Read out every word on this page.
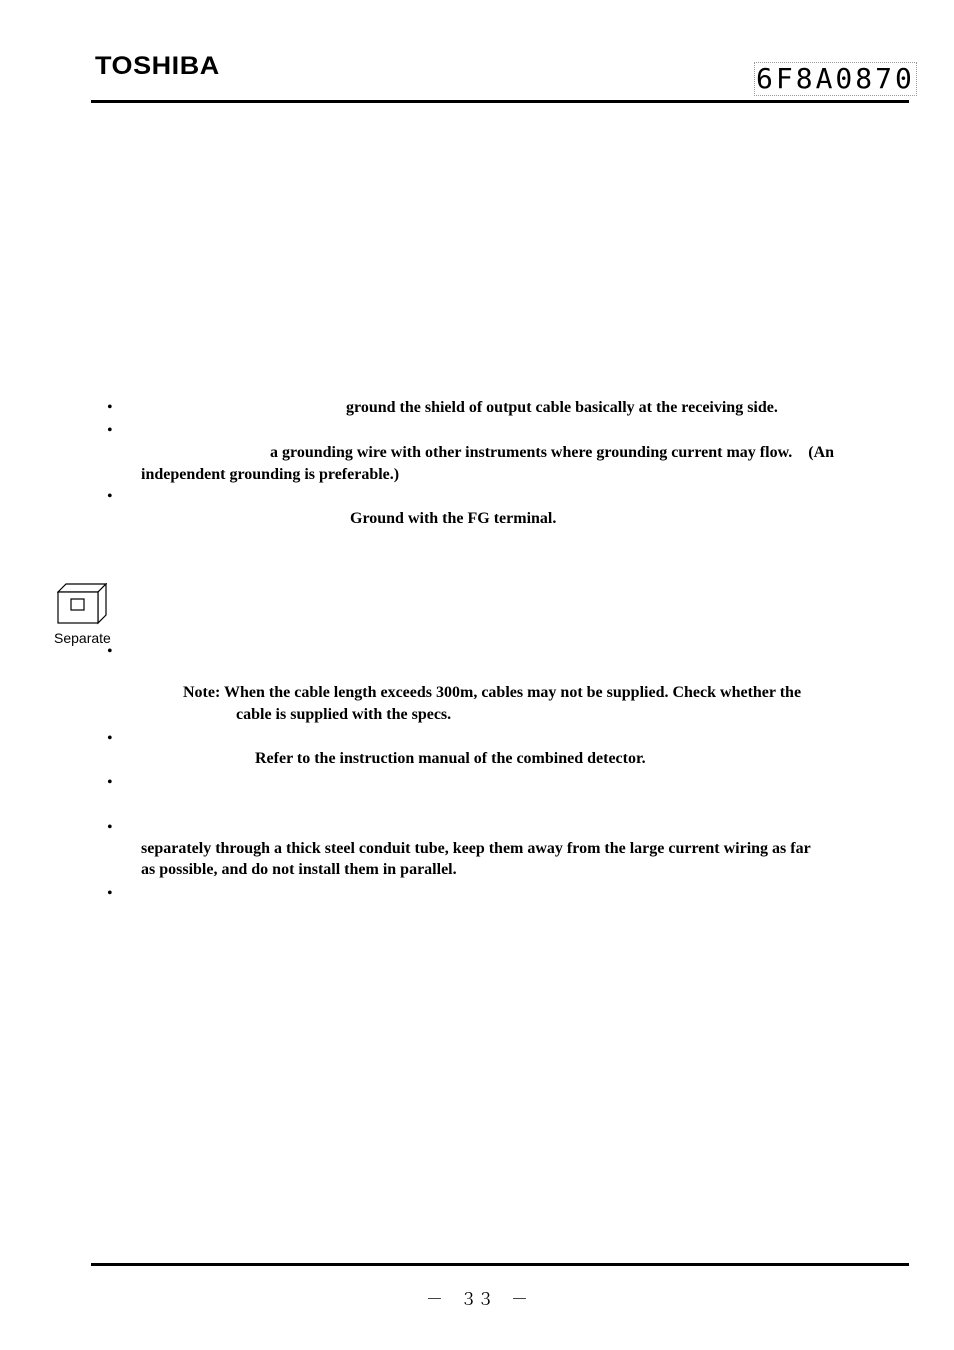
TOSHIBA	6F8A0870
•	ground the shield of output cable basically at the receiving side.
•
a grounding wire with other instruments where grounding current may flow. (An
independent grounding is preferable.)
•
Ground with the FG terminal.
Separate
•
Note: When the cable length exceeds 300m, cables may not be supplied. Check whether the
cable is supplied with the specs.
•
Refer to the instruction manual of the combined detector.
•
•
separately through a thick steel conduit tube, keep them away from the large current wiring as far
as possible, and do not install them in parallel.
•
－　３３　－
